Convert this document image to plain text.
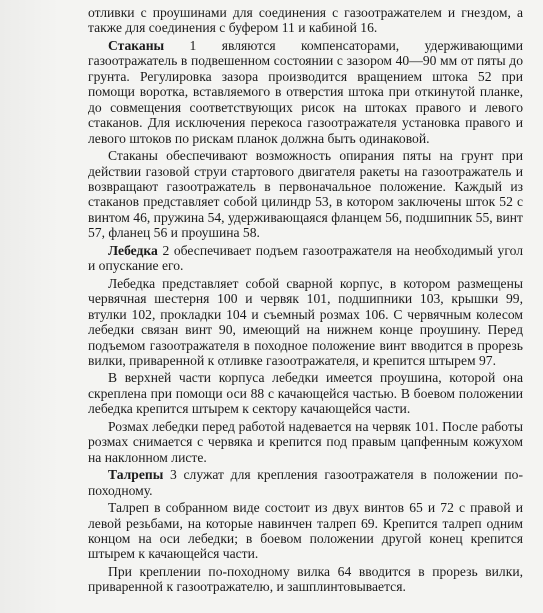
отливки с проушинами для соединения с газоотражателем и гнездом, а также для соединения с буфером 11 и кабиной 16.

Стаканы 1 являются компенсаторами, удерживающими газоотражатель в подвешенном состоянии с зазором 40—90 мм от пяты до грунта. Регулировка зазора производится вращением штока 52 при помощи воротка, вставляемого в отверстия штока при откинутой планке, до совмещения соответствующих рисок на штоках правого и левого стаканов. Для исключения перекоса газоотражателя установка правого и левого штоков по рискам планок должна быть одинаковой.

Стаканы обеспечивают возможность опирания пяты на грунт при действии газовой струи стартового двигателя ракеты на газоотражатель и возвращают газоотражатель в первоначальное положение. Каждый из стаканов представляет собой цилиндр 53, в котором заключены шток 52 с винтом 46, пружина 54, удерживающаяся фланцем 56, подшипник 55, винт 57, фланец 56 и проушина 58.

Лебедка 2 обеспечивает подъем газоотражателя на необходимый угол и опускание его.

Лебедка представляет собой сварной корпус, в котором размещены червячная шестерня 100 и червяк 101, подшипники 103, крышки 99, втулки 102, прокладки 104 и съемный розмах 106. С червячным колесом лебедки связан винт 90, имеющий на нижнем конце проушину. Перед подъемом газоотражателя в походное положение винт вводится в прорезь вилки, приваренной к отливке газоотражателя, и крепится штырем 97.

В верхней части корпуса лебедки имеется проушина, которой она скреплена при помощи оси 88 с качающейся частью. В боевом положении лебедка крепится штырем к сектору качающейся части.

Розмах лебедки перед работой надевается на червяк 101. После работы розмах снимается с червяка и крепится под правым цапфенным кожухом на наклонном листе.

Талрепы 3 служат для крепления газоотражателя в положении по-походному.

Талреп в собранном виде состоит из двух винтов 65 и 72 с правой и левой резьбами, на которые навинчен талреп 69. Крепится талреп одним концом на оси лебедки; в боевом положении другой конец крепится штырем к качающейся части.

При креплении по-походному вилка 64 вводится в прорезь вилки, приваренной к газоотражателю, и зашплинтовывается.
